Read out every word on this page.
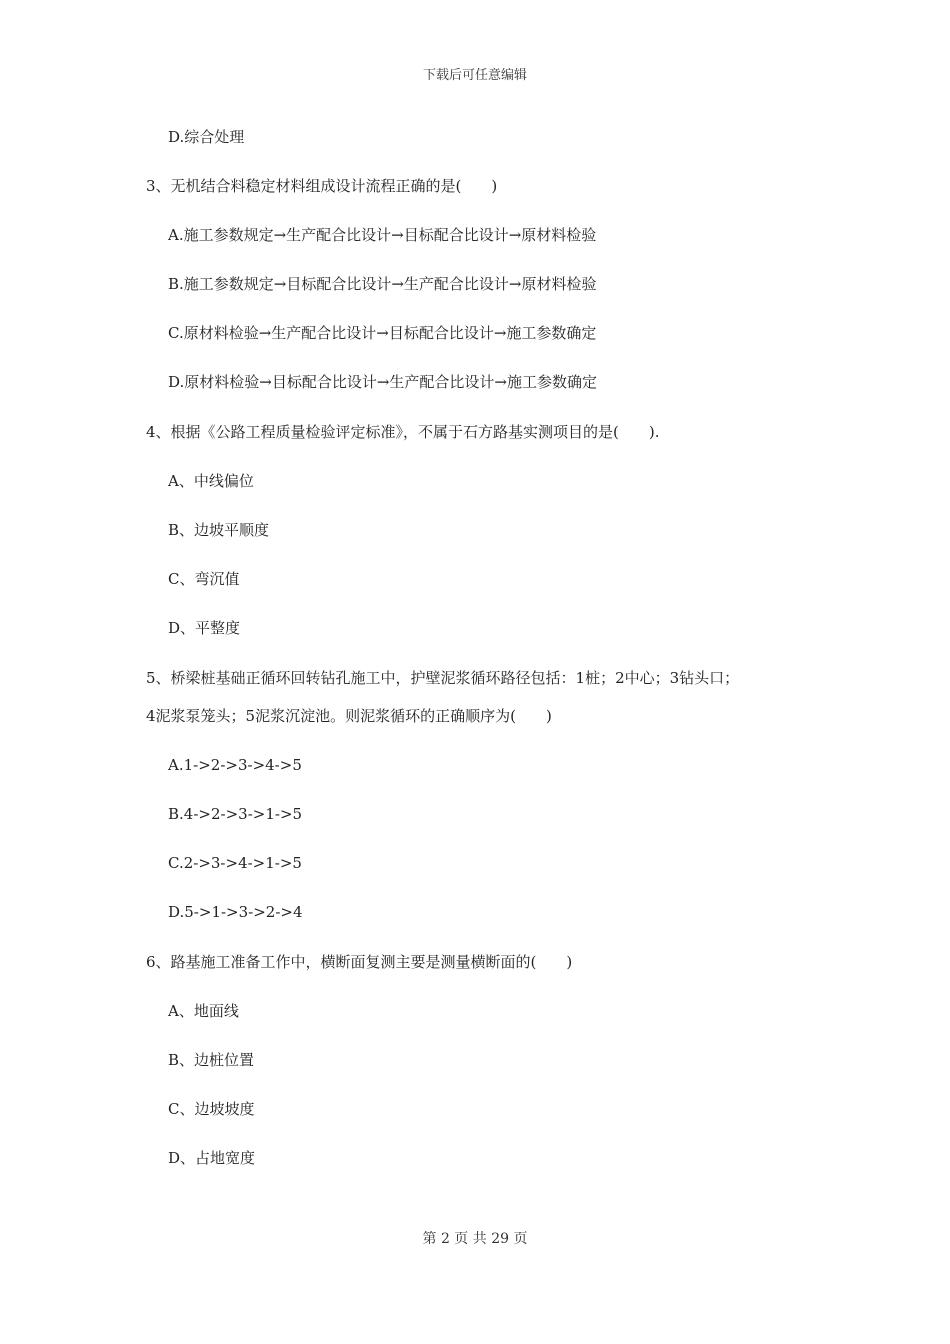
下载后可任意编辑
D.综合处理
3、无机结合料稳定材料组成设计流程正确的是(　　)
A.施工参数规定→生产配合比设计→目标配合比设计→原材料检验
B.施工参数规定→目标配合比设计→生产配合比设计→原材料检验
C.原材料检验→生产配合比设计→目标配合比设计→施工参数确定
D.原材料检验→目标配合比设计→生产配合比设计→施工参数确定
4、根据《公路工程质量检验评定标准》，不属于石方路基实测项目的是(　　).
A、中线偏位
B、边坡平顺度
C、弯沉值
D、平整度
5、桥梁桩基础正循环回转钻孔施工中，护壁泥浆循环路径包括：1桩；2中心；3钻头口；
4泥浆泵笼头；5泥浆沉淀池。则泥浆循环的正确顺序为(　　)
A.1->2->3->4->5
B.4->2->3->1->5
C.2->3->4->1->5
D.5->1->3->2->4
6、路基施工准备工作中，横断面复测主要是测量横断面的(　　)
A、地面线
B、边桩位置
C、边坡坡度
D、占地宽度
第 2 页 共 29 页
